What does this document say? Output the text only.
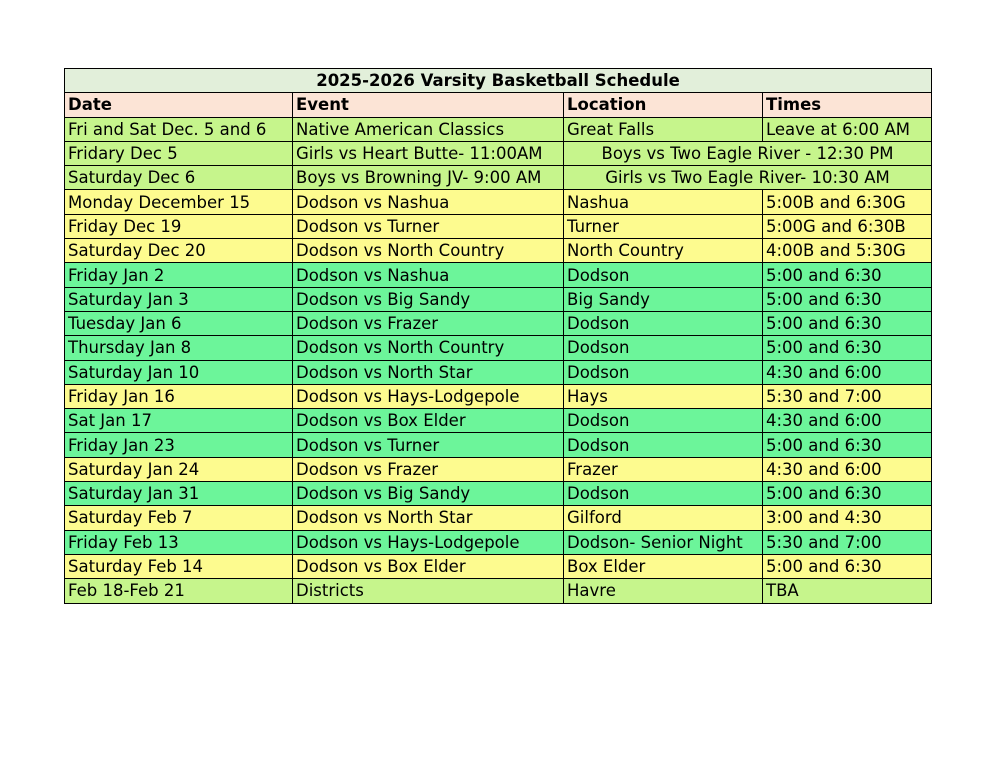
2025-2026 Varsity Basketball Schedule			
Date	Event	Location	Times
Fri and Sat Dec. 5 and 6	Native American Classics	Great Falls	Leave at 6:00 AM
Fridary Dec 5	Girls vs Heart Butte- 11:00AM	Boys vs Two Eagle River - 12:30 PM	
Saturday Dec 6	Boys vs Browning JV- 9:00 AM	Girls vs Two Eagle River- 10:30 AM	
Monday December 15	Dodson vs Nashua	Nashua	5:00B and 6:30G
Friday Dec 19	Dodson vs Turner	Turner	5:00G and 6:30B
Saturday Dec 20	Dodson vs North Country	North Country	4:00B and 5:30G
Friday Jan 2	Dodson vs Nashua	Dodson	5:00 and 6:30
Saturday Jan 3	Dodson vs Big Sandy	Big Sandy	5:00 and 6:30
Tuesday Jan 6	Dodson vs Frazer	Dodson	5:00 and 6:30
Thursday Jan 8	Dodson vs North Country	Dodson	5:00 and 6:30
Saturday Jan 10	Dodson vs North Star	Dodson	4:30 and 6:00
Friday Jan 16	Dodson vs Hays-Lodgepole	Hays	5:30 and 7:00
Sat Jan 17	Dodson vs Box Elder	Dodson	4:30 and 6:00
Friday Jan 23	Dodson vs Turner	Dodson	5:00 and 6:30
Saturday Jan 24	Dodson vs Frazer	Frazer	4:30 and 6:00
Saturday Jan 31	Dodson vs Big Sandy	Dodson	5:00 and 6:30
Saturday Feb 7	Dodson vs North Star	Gilford	3:00 and 4:30
Friday Feb 13	Dodson vs Hays-Lodgepole	Dodson- Senior Night	5:30 and 7:00
Saturday Feb 14	Dodson vs Box Elder	Box Elder	5:00 and 6:30
Feb 18-Feb 21	Districts	Havre	TBA
